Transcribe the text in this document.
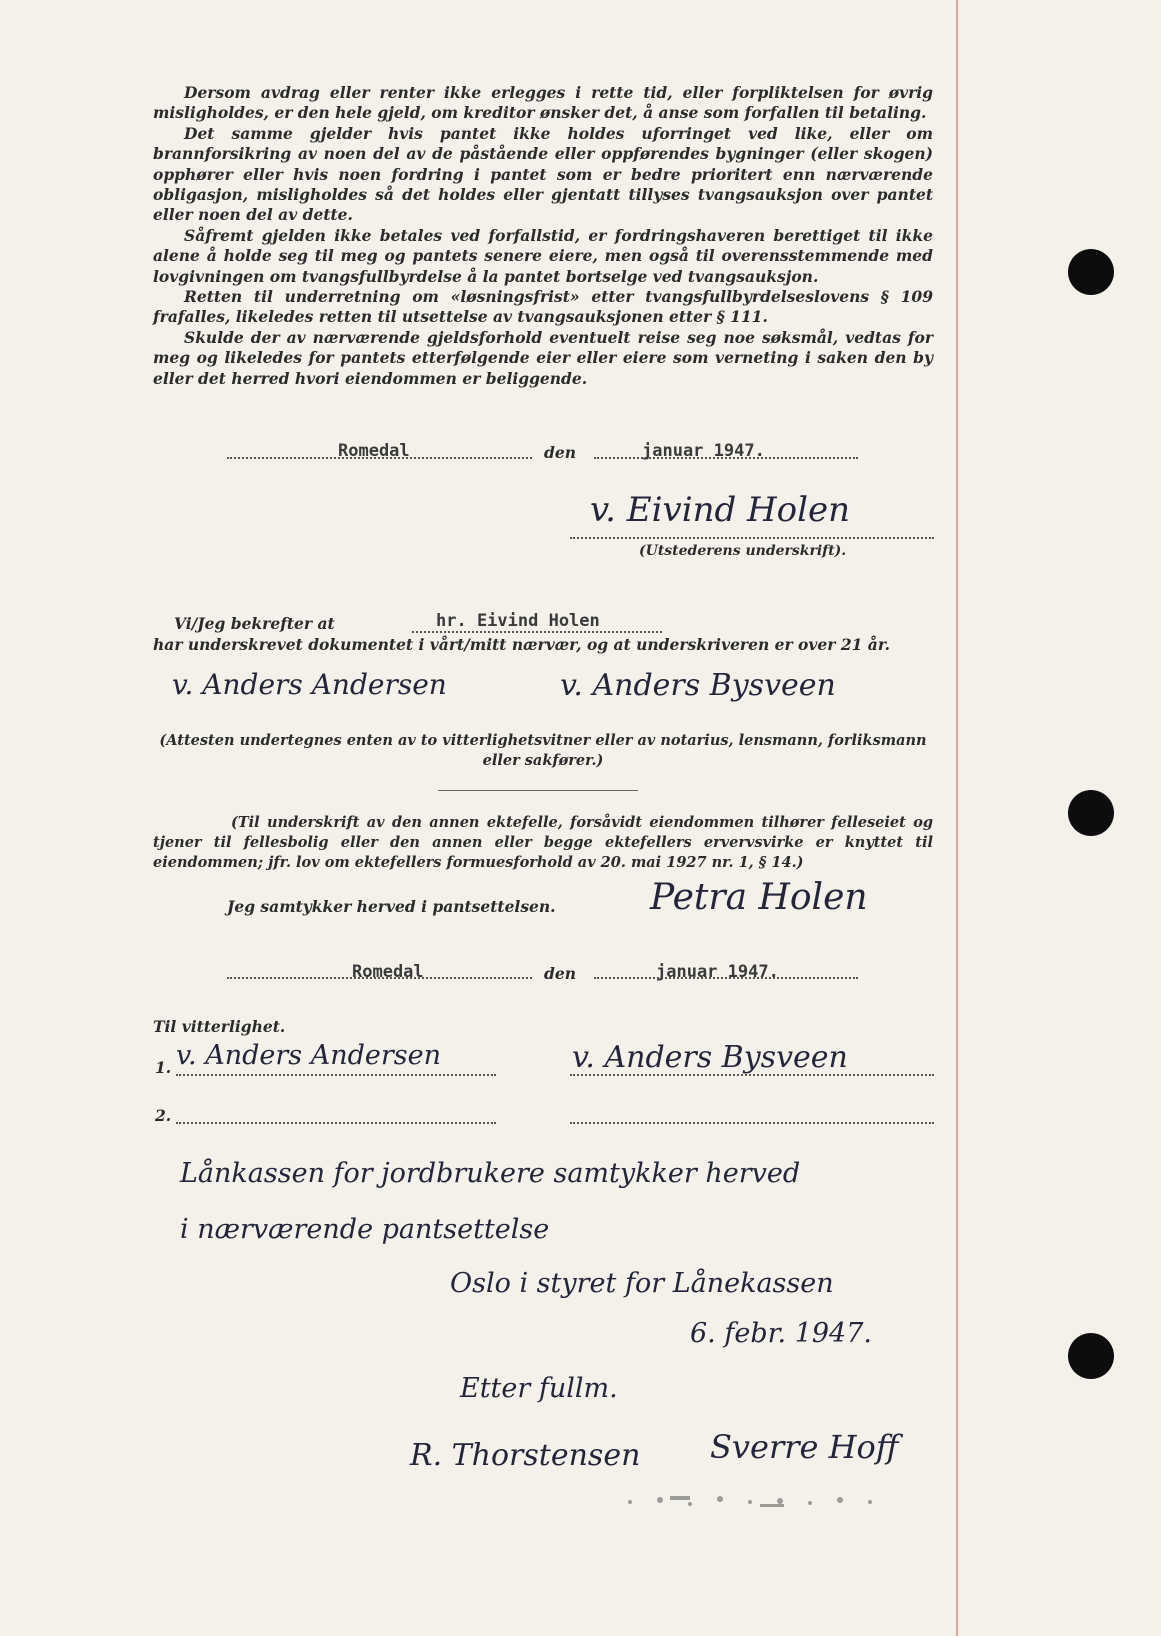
Dersom avdrag eller renter ikke erlegges i rette tid, eller forpliktelsen for øvrig misligholdes, er den hele gjeld, om kreditor ønsker det, å anse som forfallen til betaling.

Det samme gjelder hvis pantet ikke holdes uforringet ved like, eller om brannforsikring av noen del av de påstående eller oppførendes bygninger (eller skogen) opphører eller hvis noen fordring i pantet som er bedre prioritert enn nærværende obligasjon, misligholdes så det holdes eller gjentatt tillyses tvangsauksjon over pantet eller noen del av dette.

Såfremt gjelden ikke betales ved forfallstid, er fordringshaveren berettiget til ikke alene å holde seg til meg og pantets senere eiere, men også til overensstemmende med lovgivningen om tvangsfullbyrdelse å la pantet bortselge ved tvangsauksjon.

Retten til underretning om «løsningsfrist» etter tvangsfullbyrdelseslovens § 109 frafalles, likeledes retten til utsettelse av tvangsauksjonen etter § 111.

Skulde der av nærværende gjeldsforhold eventuelt reise seg noe søksmål, vedtas for meg og likeledes for pantets etterfølgende eier eller eiere som verneting i saken den by eller det herred hvori eiendommen er beliggende.

Romedal	den	januar 1947.
v. Eivind Holen
(Utstederens underskrift).
Vi/Jeg bekrefter at	hr. Eivind Holen
har underskrevet dokumentet i vårt/mitt nærvær, og at underskriveren er over 21 år.
v. Anders Andersen	v. Anders Bysveen
(Attesten undertegnes enten av to vitterlighetsvitner eller av notarius, lensmann, forliksmann eller sakfører.)
(Til underskrift av den annen ektefelle, forsåvidt eiendommen tilhører felleseiet og tjener til fellesbolig eller den annen eller begge ektefellers ervervsvirke er knyttet til eiendommen; jfr. lov om ektefellers formuesforhold av 20. mai 1927 nr. 1, § 14.)
Jeg samtykker herved i pantsettelsen.	Petra Holen
Romedal	den	januar 1947.
Til vitterlighet.
1. v. Anders Andersen	v. Anders Bysveen
2.
Lånkassen for jordbrukere samtykker herved
i nærværende pantsettelse
Oslo i styret for Lånekassen
6. febr. 1947.
Etter fullm.
R. Thorstensen Sverre Hoff
